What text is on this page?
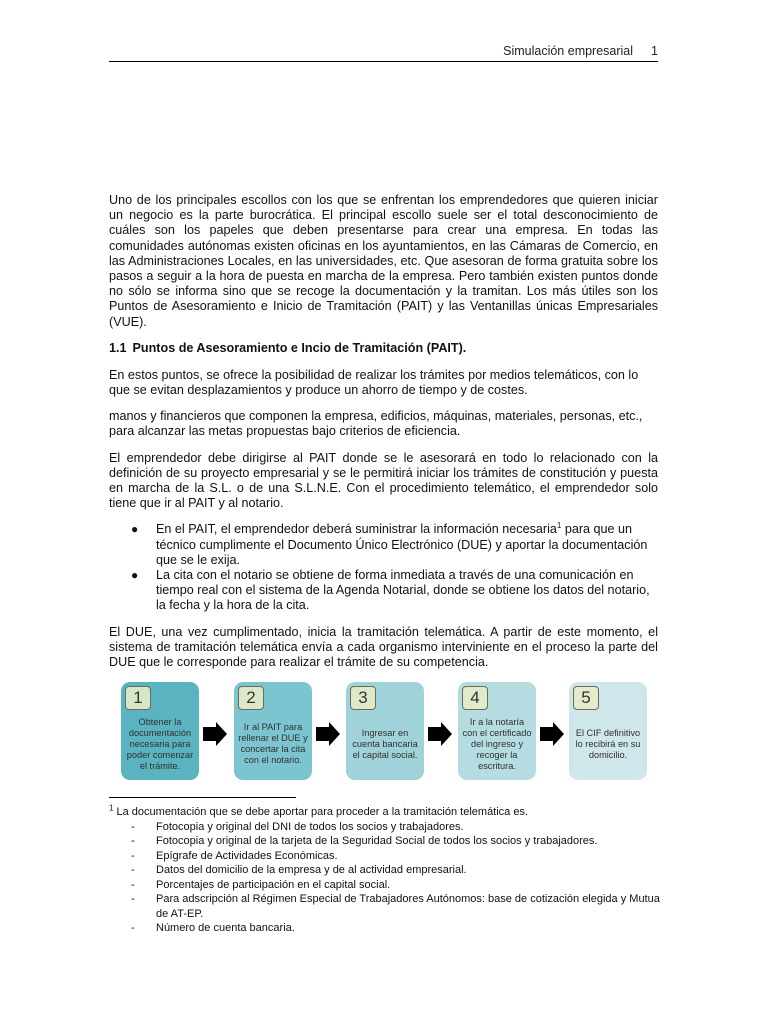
Simulación empresarial 1

Uno de los principales escollos con los que se enfrentan los emprendedores que quieren iniciar un negocio es la parte burocrática. El principal escollo suele ser el total desconocimiento de cuáles son los papeles que deben presentarse para crear una empresa. En todas las comunidades autónomas existen oficinas en los ayuntamientos, en las Cámaras de Comercio, en las Administraciones Locales, en las universidades, etc. Que asesoran de forma gratuita sobre los pasos a seguir a la hora de puesta en marcha de la empresa. Pero también existen puntos donde no sólo se informa sino que se recoge la documentación y la tramitan. Los más útiles son los Puntos de Asesoramiento e Inicio de Tramitación (PAIT) y las Ventanillas únicas Empresariales (VUE).

1.1 Puntos de Asesoramiento e Incio de Tramitación (PAIT).

En estos puntos, se ofrece la posibilidad de realizar los trámites por medios telemáticos, con lo que se evitan desplazamientos y produce un ahorro de tiempo y de costes.

manos y financieros que componen la empresa, edificios, máquinas, materiales, personas, etc., para alcanzar las metas propuestas bajo criterios de eficiencia.

El emprendedor debe dirigirse al PAIT donde se le asesorará en todo lo relacionado con la definición de su proyecto empresarial y se le permitirá iniciar los trámites de constitución y puesta en marcha de la S.L. o de una S.L.N.E. Con el procedimiento telemático, el emprendedor solo tiene que ir al PAIT y al notario.

● En el PAIT, el emprendedor deberá suministrar la información necesaria$^1$ para que un técnico cumplimente el Documento Único Electrónico (DUE) y aportar la documentación que se le exija.
● La cita con el notario se obtiene de forma inmediata a través de una comunicación en tiempo real con el sistema de la Agenda Notarial, donde se obtiene los datos del notario, la fecha y la hora de la cita.

El DUE, una vez cumplimentado, inicia la tramitación telemática. A partir de este momento, el sistema de tramitación telemática envía a cada organismo interviniente en el proceso la parte del DUE que le corresponde para realizar el trámite de su competencia.

1
Obtener la documentación necesaria para poder comenzar el trámite.
2
Ir al PAIT para rellenar el DUE y concertar la cita con el notario.
3
Ingresar en cuenta bancaria el capital social.
4
Ir a la notaría con el certificado del ingreso y recoger la escritura.
5
El CIF definitivo lo recibirá en su domicilio.

$^1$ La documentación que se debe aportar para proceder a la tramitación telemática es.

- Fotocopia y original del DNI de todos los socios y trabajadores.
- Fotocopia y original de la tarjeta de la Seguridad Social de todos los socios y trabajadores.
- Epígrafe de Actividades Económicas.
- Datos del domicilio de la empresa y de al actividad empresarial.
- Porcentajes de participación en el capital social.
- Para adscripción al Régimen Especial de Trabajadores Autónomos: base de cotización elegida y Mutua de AT-EP.
- Número de cuenta bancaria.
